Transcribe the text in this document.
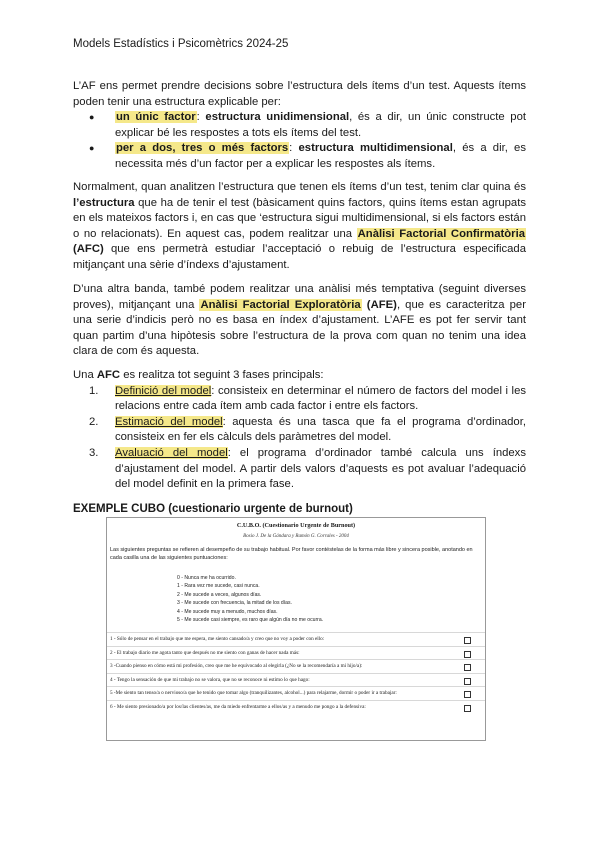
Models Estadístics i Psicomètrics 2024-25
L’AF ens permet prendre decisions sobre l’estructura dels ítems d’un test. Aquests ítems poden tenir una estructura explicable per:
● un únic factor: estructura unidimensional, és a dir, un únic constructe pot explicar bé les respostes a tots els ítems del test.
● per a dos, tres o més factors: estructura multidimensional, és a dir, es necessita més d’un factor per a explicar les respostes als ítems.
Normalment, quan analitzen l’estructura que tenen els ítems d’un test, tenim clar quina és l’estructura que ha de tenir el test (bàsicament quins factors, quins ítems estan agrupats en els mateixos factors i, en cas que ‘estructura sigui multidimensional, si els factors están o no relacionats). En aquest cas, podem realitzar una Anàlisi Factorial Confirmatòria (AFC) que ens permetrà estudiar l’acceptació o rebuig de l’estructura especificada mitjançant una sèrie d’índexs d’ajustament.
D’una altra banda, també podem realitzar una anàlisi més temptativa (seguint diverses proves), mitjançant una Anàlisi Factorial Exploratòria (AFE), que es caracteritza per una serie d’indicis però no es basa en índex d’ajustament. L’AFE es pot fer servir tant quan partim d’una hipòtesis sobre l’estructura de la prova com quan no tenim una idea clara de com és aquesta.
Una AFC es realitza tot seguint 3 fases principals:
1. Definició del model: consisteix en determinar el número de factors del model i les relacions entre cada ítem amb cada factor i entre els factors.
2. Estimació del model: aquesta és una tasca que fa el programa d’ordinador, consisteix en fer els càlculs dels paràmetres del model.
3. Avaluació del model: el programa d’ordinador també calcula uns índexs d’ajustament del model. A partir dels valors d’aquests es pot avaluar l’adequació del model definit en la primera fase.
EXEMPLE CUBO (cuestionario urgente de burnout)
C.U.B.O. (Cuestionario Urgente de Burnout)
Bosio J. De la Gándara y Ramón G. Corrales - 2004
Las siguientes preguntas se refieren al desempeño de su trabajo habitual. Por favor contéstelas de la forma más libre y sincera posible, anotando en cada casilla una de las siguientes puntuaciones:
0 - Nunca me ha ocurrido.
1 - Rara vez me sucede, casi nunca.
2 - Me sucede a veces, algunos días.
3 - Me sucede con frecuencia, la mitad de los días.
4 - Me sucede muy a menudo, muchos días.
5 - Me sucede casi siempre, es raro que algún día no me ocurra.
1 - Sólo de pensar en el trabajo que me espera, me siento cansado/a y creo que no voy a poder con ello:
2 - El trabajo diario me agota tanto que después no me siento con ganas de hacer nada más:
3 -Cuando pienso en cómo está mi profesión, creo que me he equivocado al elegirla (¿No se la recomendaría a mi hijo/a):
4 - Tengo la sensación de que mi trabajo no se valora, que no se reconoce ni estimo lo que hago:
5 -Me siento tan tenso/a o nervioso/a que he tenido que tomar algo (tranquilizantes, alcohol...) para relajarme, dormir o poder ir a trabajar:
6 - Me siento presionado/a por los/las clientes/as, me da miedo enfrentarme a ellos/as y a menudo me pongo a la defensiva:
